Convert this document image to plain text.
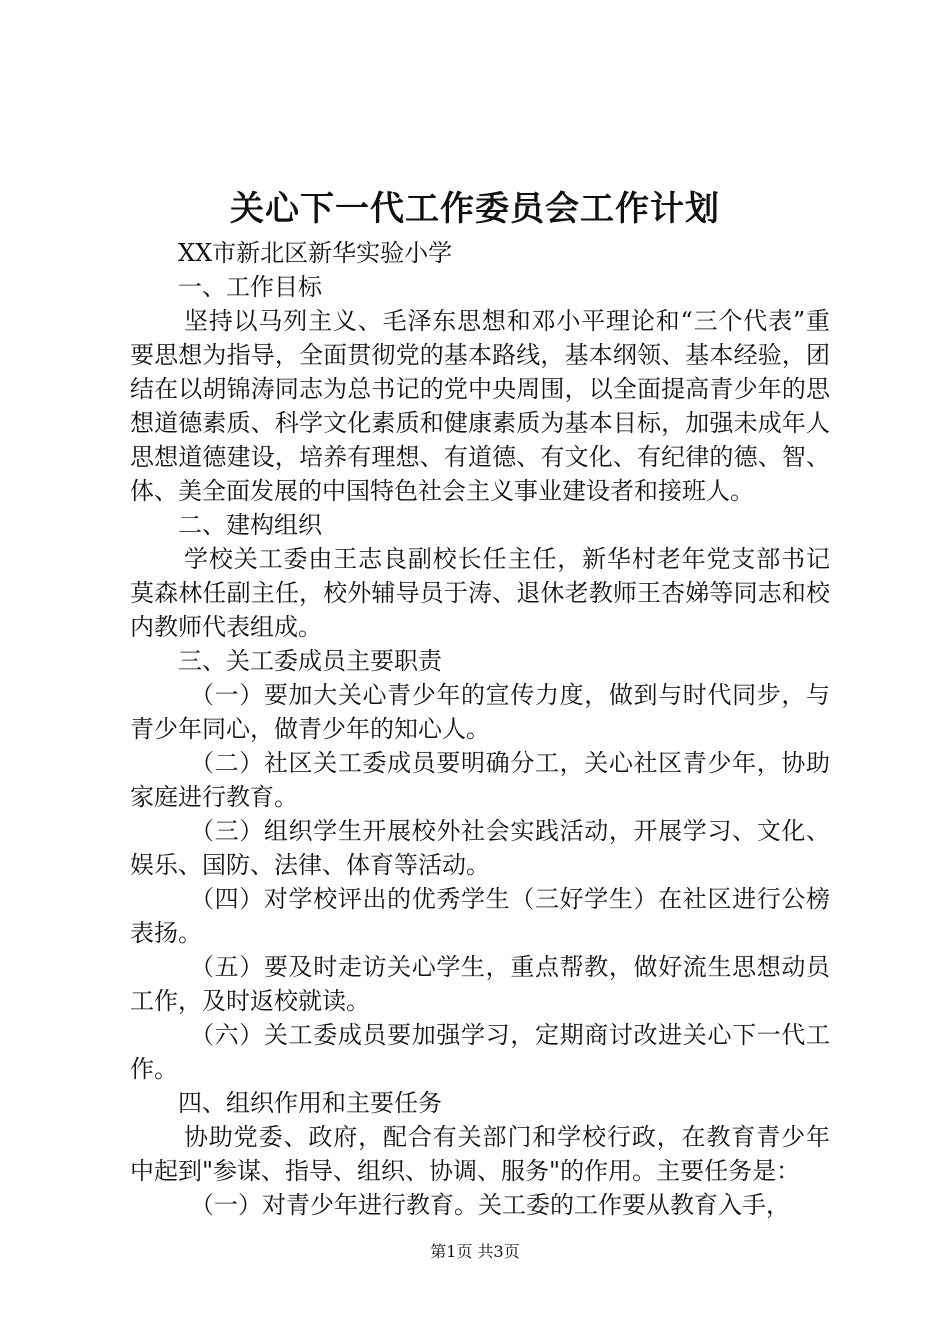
关心下一代工作委员会工作计划

XX市新北区新华实验小学

一、工作目标

坚持以马列主义、毛泽东思想和邓小平理论和“三个代表”重要思想为指导，全面贯彻党的基本路线，基本纲领、基本经验，团结在以胡锦涛同志为总书记的党中央周围，以全面提高青少年的思想道德素质、科学文化素质和健康素质为基本目标，加强未成年人思想道德建设，培养有理想、有道德、有文化、有纪律的德、智、体、美全面发展的中国特色社会主义事业建设者和接班人。

二、建构组织

学校关工委由王志良副校长任主任，新华村老年党支部书记莫森林任副主任，校外辅导员于涛、退休老教师王杏娣等同志和校内教师代表组成。

三、关工委成员主要职责

（一）要加大关心青少年的宣传力度，做到与时代同步，与青少年同心，做青少年的知心人。

（二）社区关工委成员要明确分工，关心社区青少年，协助家庭进行教育。

（三）组织学生开展校外社会实践活动，开展学习、文化、娱乐、国防、法律、体育等活动。

（四）对学校评出的优秀学生（三好学生）在社区进行公榜表扬。

（五）要及时走访关心学生，重点帮教，做好流生思想动员工作，及时返校就读。

（六）关工委成员要加强学习，定期商讨改进关心下一代工作。

四、组织作用和主要任务

协助党委、政府，配合有关部门和学校行政，在教育青少年中起到"参谋、指导、组织、协调、服务"的作用。主要任务是：

（一）对青少年进行教育。关工委的工作要从教育入手，

第1页 共3页
